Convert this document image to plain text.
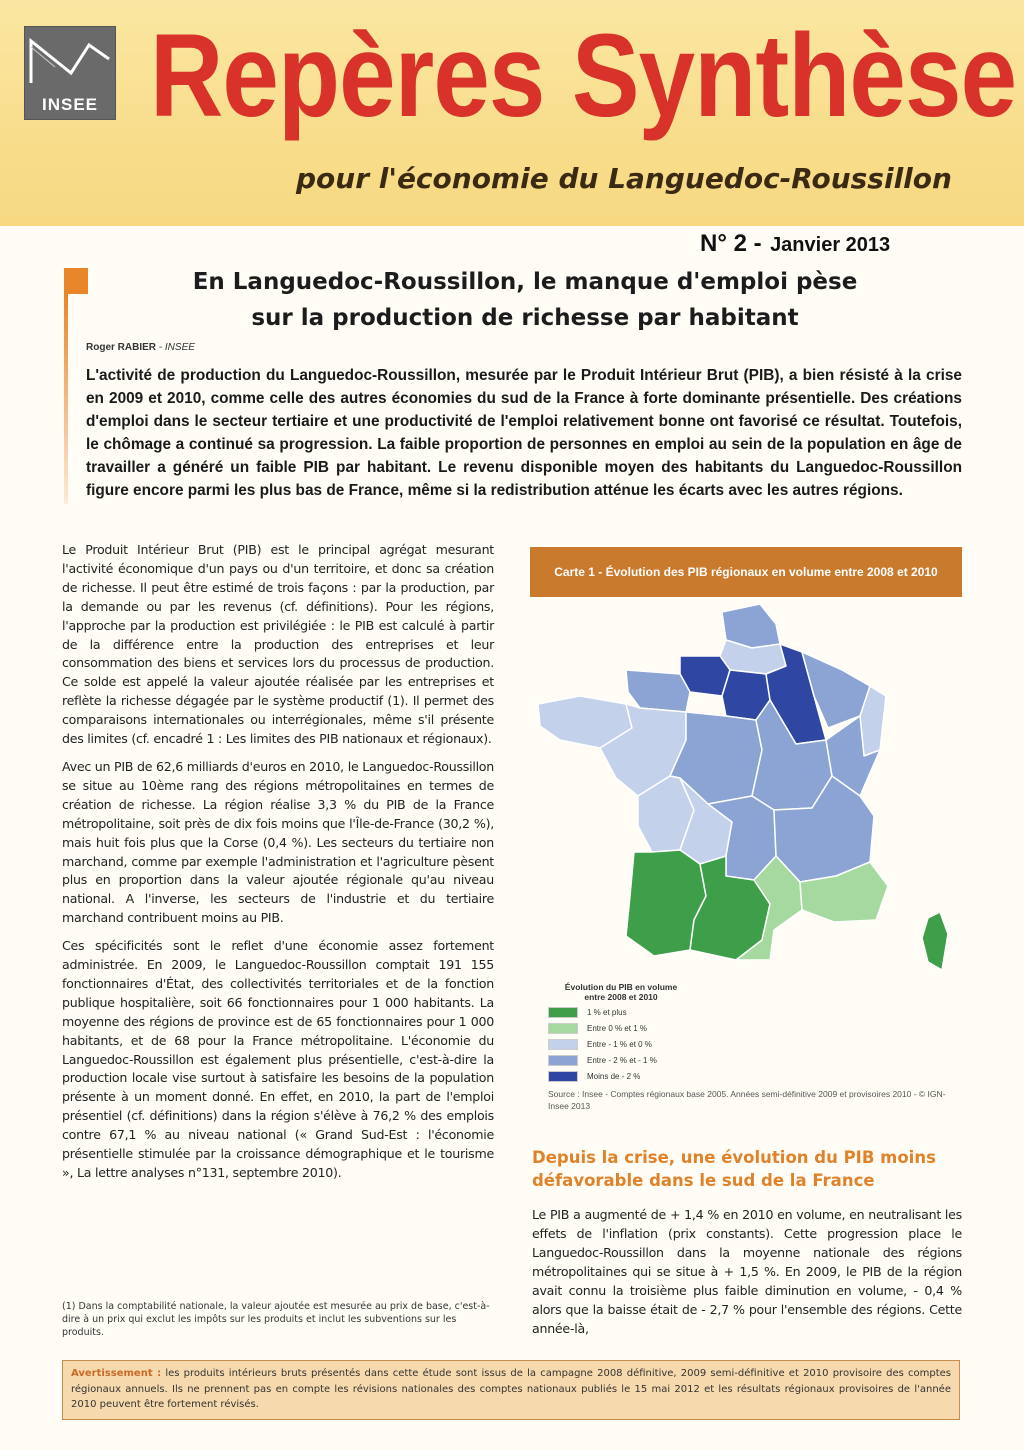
INSEE Repères Synthèse
pour l'économie du Languedoc-Roussillon
N° 2 - Janvier 2013
En Languedoc-Roussillon, le manque d'emploi pèse
sur la production de richesse par habitant
Roger RABIER - INSEE
L'activité de production du Languedoc-Roussillon, mesurée par le Produit Intérieur Brut (PIB), a bien résisté à la crise en 2009 et 2010, comme celle des autres économies du sud de la France à forte dominante présentielle. Des créations d'emploi dans le secteur tertiaire et une productivité de l'emploi relativement bonne ont favorisé ce résultat. Toutefois, le chômage a continué sa progression. La faible proportion de personnes en emploi au sein de la population en âge de travailler a généré un faible PIB par habitant. Le revenu disponible moyen des habitants du Languedoc-Roussillon figure encore parmi les plus bas de France, même si la redistribution atténue les écarts avec les autres régions.

Le Produit Intérieur Brut (PIB) est le principal agrégat mesurant l'activité économique d'un pays ou d'un territoire, et donc sa création de richesse. Il peut être estimé de trois façons : par la production, par la demande ou par les revenus (cf. définitions). Pour les régions, l'approche par la production est privilégiée : le PIB est calculé à partir de la différence entre la production des entreprises et leur consommation des biens et services lors du processus de production. Ce solde est appelé la valeur ajoutée réalisée par les entreprises et reflète la richesse dégagée par le système productif (1). Il permet des comparaisons internationales ou interrégionales, même s'il présente des limites (cf. encadré 1 : Les limites des PIB nationaux et régionaux).

Avec un PIB de 62,6 milliards d'euros en 2010, le Languedoc-Roussillon se situe au 10ème rang des régions métropolitaines en termes de création de richesse. La région réalise 3,3 % du PIB de la France métropolitaine, soit près de dix fois moins que l'Île-de-France (30,2 %), mais huit fois plus que la Corse (0,4 %). Les secteurs du tertiaire non marchand, comme par exemple l'administration et l'agriculture pèsent plus en proportion dans la valeur ajoutée régionale qu'au niveau national. A l'inverse, les secteurs de l'industrie et du tertiaire marchand contribuent moins au PIB.

Ces spécificités sont le reflet d'une économie assez fortement administrée. En 2009, le Languedoc-Roussillon comptait 191 155 fonctionnaires d'État, des collectivités territoriales et de la fonction publique hospitalière, soit 66 fonctionnaires pour 1 000 habitants. La moyenne des régions de province est de 65 fonctionnaires pour 1 000 habitants, et de 68 pour la France métropolitaine. L'économie du Languedoc-Roussillon est également plus présentielle, c'est-à-dire la production locale vise surtout à satisfaire les besoins de la population présente à un moment donné. En effet, en 2010, la part de l'emploi présentiel (cf. définitions) dans la région s'élève à 76,2 % des emplois contre 67,1 % au niveau national (« Grand Sud-Est : l'économie présentielle stimulée par la croissance démographique et le tourisme », La lettre analyses n°131, septembre 2010).

(1) Dans la comptabilité nationale, la valeur ajoutée est mesurée au prix de base, c'est-à-dire à un prix qui exclut les impôts sur les produits et inclut les subventions sur les produits.
Carte 1 - Évolution des PIB régionaux en volume entre 2008 et 2010
Évolution du PIB en volume entre 2008 et 2010
1 % et plus
Entre 0 % et 1 %
Entre - 1 % et 0 %
Entre - 2 % et - 1 %
Moins de - 2 %
Source : Insee - Comptes régionaux base 2005. Années semi-définitive 2009 et provisoires 2010 - © IGN-Insee 2013
Depuis la crise, une évolution du PIB moins défavorable dans le sud de la France
Le PIB a augmenté de + 1,4 % en 2010 en volume, en neutralisant les effets de l'inflation (prix constants). Cette progression place le Languedoc-Roussillon dans la moyenne nationale des régions métropolitaines qui se situe à + 1,5 %. En 2009, le PIB de la région avait connu la troisième plus faible diminution en volume, - 0,4 % alors que la baisse était de - 2,7 % pour l'ensemble des régions. Cette année-là,
Avertissement : les produits intérieurs bruts présentés dans cette étude sont issus de la campagne 2008 définitive, 2009 semi-définitive et 2010 provisoire des comptes régionaux annuels. Ils ne prennent pas en compte les révisions nationales des comptes nationaux publiés le 15 mai 2012 et les résultats régionaux provisoires de l'année 2010 peuvent être fortement révisés.
